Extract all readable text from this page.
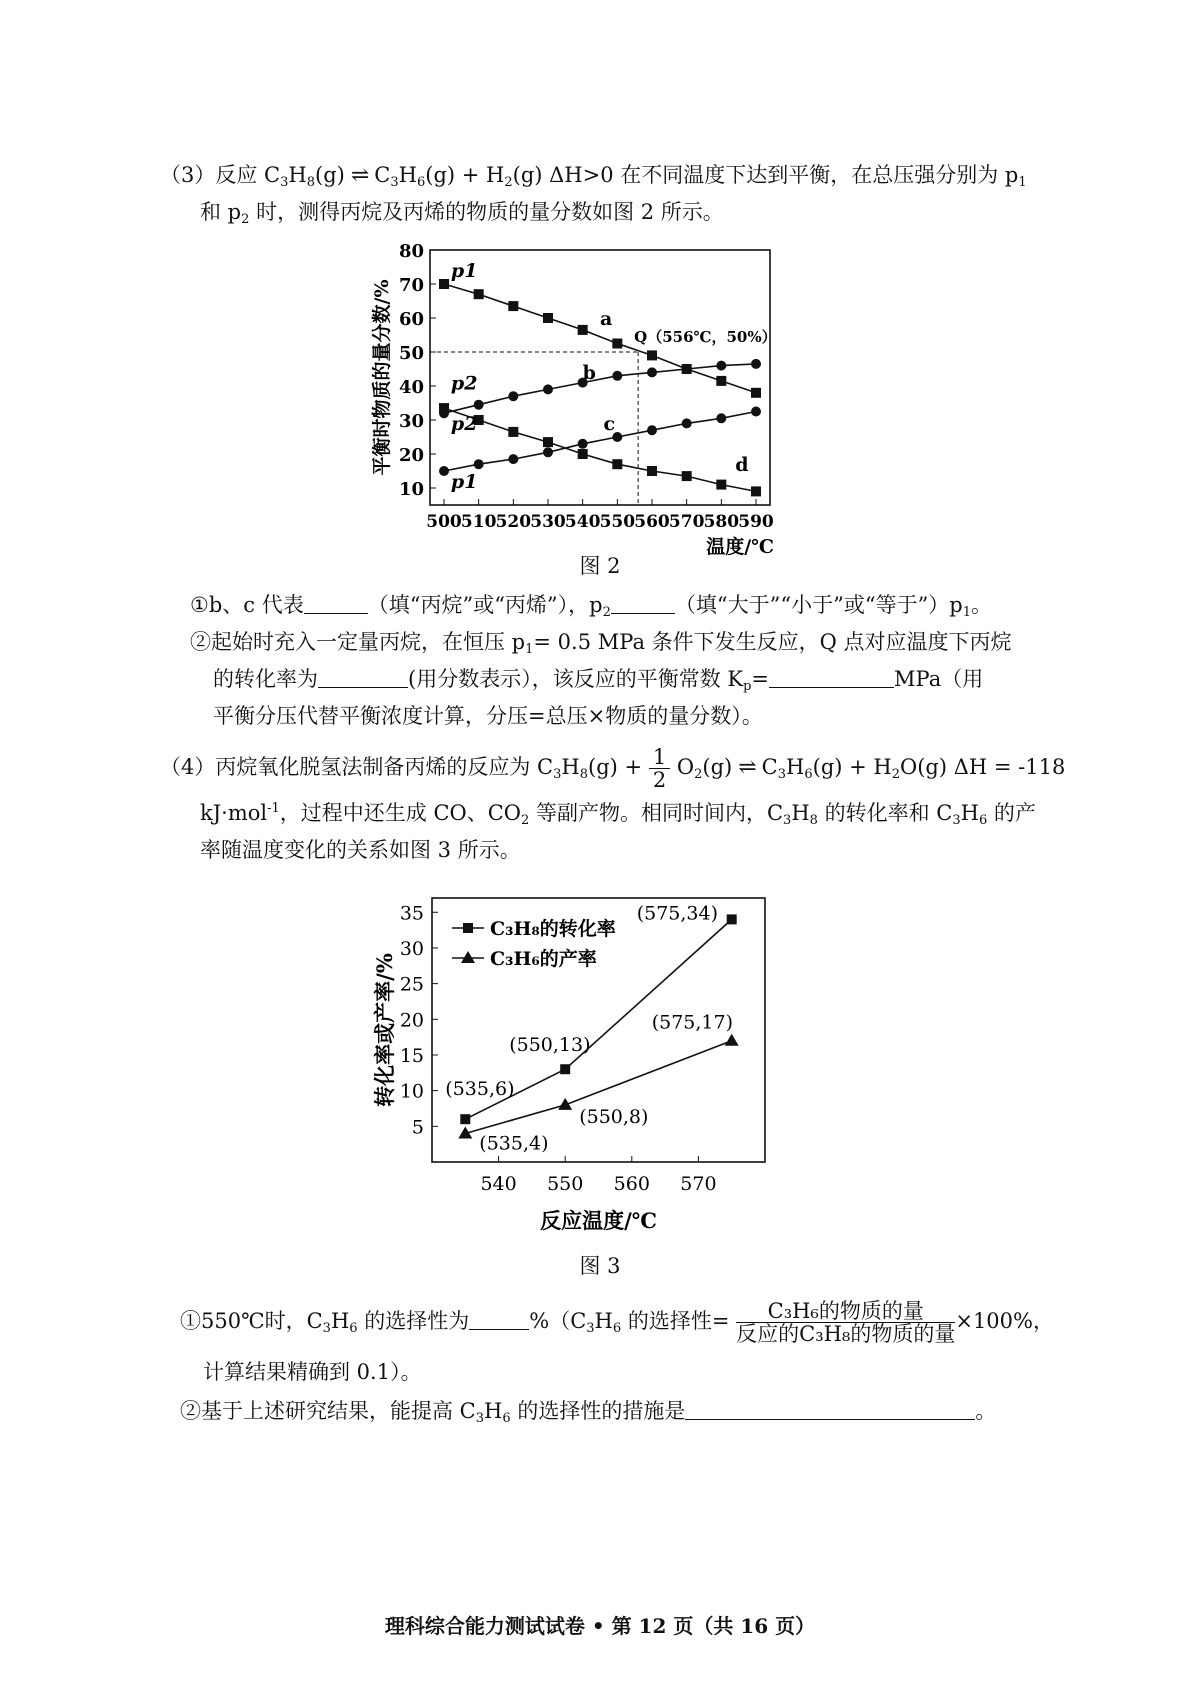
（3）反应 $C_3H_8(g)$ ⇌ $C_3H_6(g) + H_2(g)$ ΔH>0 在不同温度下达到平衡，在总压强分别为 $p_1$
和 $p_2$ 时，测得丙烷及丙烯的物质的量分数如图 2 所示。
10
20
30
40
50
60
70
80
500 510 520 530 540 550 560 570 580 590
温度/℃
平衡时物质的量分数/%	a
b
c
d
p1
p2
p2
p1
Q（556℃，50%）
图 2
①b、c 代表	（填“丙烷”或“丙烯”），$p_2$	（填“大于”“小于”或“等于$”)p_1$。
②起始时充入一定量丙烷，在恒压 $p_1= 0.5$ MPa 条件下发生反应，Q 点对应温度下丙烷
的转化率为	(用分数表示），该反应的平衡常数 $K_p=$	MPa（用
平衡分压代替平衡浓度计算，分压=总压×物质的量分数）。
（4）丙烷氧化脱氢法制备丙烯的反应为 $C_3H_8(g) + \frac{1}{2} O_2(g)$ ⇌ $C_3H_6(g) + H_2O(g) \Delta H = -118$
kJ·mol$^{-1}$，过程中还生成 CO、$CO_2$ 等副产物。相同时间内，$C_3H_8$ 的转化率和 $C_3H_6$ 的产
率随温度变化的关系如图 3 所示。
5
10
15
20
25
30
35
540 550 560 570
反应温度/℃
转化率或产率/%	(535,6)
(550,13)
(575,34)
C₃H₈的转化率
(535,4)
(550,8)
(575,17)
C₃H₆的产率
图 3
①550℃时，$C_3H_6$ 的选择性为	$\%(C_3H_6$ 的选择性= $\frac{\text{C₃H₆的物质的量}}{\text{反应的C₃H₈的物质的量}} \times 100\%$，
计算结果精确到 0.1）。
②基于上述研究结果，能提高 $C_3H_6$ 的选择性的措施是	。
理科综合能力测试试卷 • 第 12 页（共 16 页）
